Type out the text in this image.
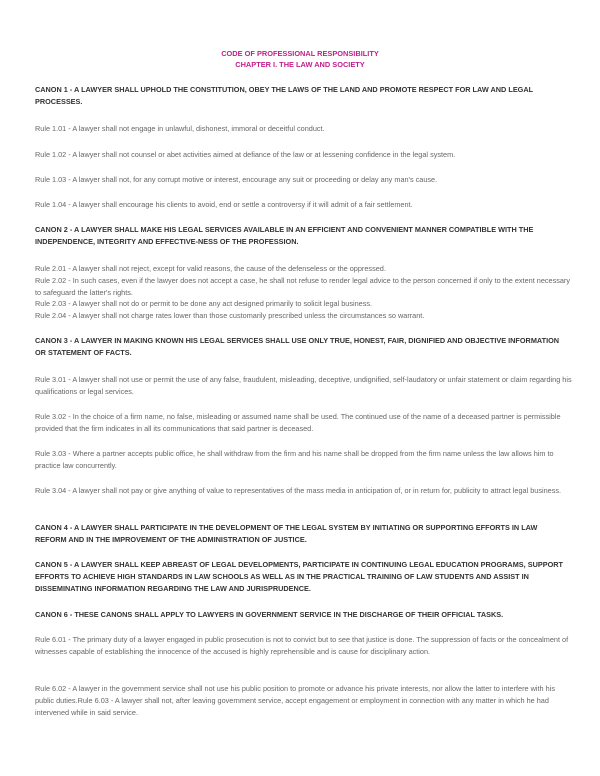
CODE OF PROFESSIONAL RESPONSIBILITY
CHAPTER I. THE LAW AND SOCIETY
CANON 1 - A LAWYER SHALL UPHOLD THE CONSTITUTION, OBEY THE LAWS OF THE LAND AND PROMOTE RESPECT FOR LAW AND LEGAL PROCESSES.
Rule 1.01 - A lawyer shall not engage in unlawful, dishonest, immoral or deceitful conduct.
Rule 1.02 - A lawyer shall not counsel or abet activities aimed at defiance of the law or at lessening confidence in the legal system.
Rule 1.03 - A lawyer shall not, for any corrupt motive or interest, encourage any suit or proceeding or delay any man's cause.
Rule 1.04 - A lawyer shall encourage his clients to avoid, end or settle a controversy if it will admit of a fair settlement.
CANON 2 - A LAWYER SHALL MAKE HIS LEGAL SERVICES AVAILABLE IN AN EFFICIENT AND CONVENIENT MANNER COMPATIBLE WITH THE INDEPENDENCE, INTEGRITY AND EFFECTIVE-NESS OF THE PROFESSION.
Rule 2.01 - A lawyer shall not reject, except for valid reasons, the cause of the defenseless or the oppressed.
Rule 2.02 - In such cases, even if the lawyer does not accept a case, he shall not refuse to render legal advice to the person concerned if only to the extent necessary to safeguard the latter's rights.
Rule 2.03 - A lawyer shall not do or permit to be done any act designed primarily to solicit legal business.
Rule 2.04 - A lawyer shall not charge rates lower than those customarily prescribed unless the circumstances so warrant.
CANON 3 - A LAWYER IN MAKING KNOWN HIS LEGAL SERVICES SHALL USE ONLY TRUE, HONEST, FAIR, DIGNIFIED AND OBJECTIVE INFORMATION OR STATEMENT OF FACTS.
Rule 3.01 - A lawyer shall not use or permit the use of any false, fraudulent, misleading, deceptive, undignified, self-laudatory or unfair statement or claim regarding his qualifications or legal services.
Rule 3.02 - In the choice of a firm name, no false, misleading or assumed name shall be used. The continued use of the name of a deceased partner is permissible provided that the firm indicates in all its communications that said partner is deceased.
Rule 3.03 - Where a partner accepts public office, he shall withdraw from the firm and his name shall be dropped from the firm name unless the law allows him to practice law concurrently.
Rule 3.04 - A lawyer shall not pay or give anything of value to representatives of the mass media in anticipation of, or in return for, publicity to attract legal business.
CANON 4 - A LAWYER SHALL PARTICIPATE IN THE DEVELOPMENT OF THE LEGAL SYSTEM BY INITIATING OR SUPPORTING EFFORTS IN LAW REFORM AND IN THE IMPROVEMENT OF THE ADMINISTRATION OF JUSTICE.
CANON 5 - A LAWYER SHALL KEEP ABREAST OF LEGAL DEVELOPMENTS, PARTICIPATE IN CONTINUING LEGAL EDUCATION PROGRAMS, SUPPORT EFFORTS TO ACHIEVE HIGH STANDARDS IN LAW SCHOOLS AS WELL AS IN THE PRACTICAL TRAINING OF LAW STUDENTS AND ASSIST IN DISSEMINATING INFORMATION REGARDING THE LAW AND JURISPRUDENCE.
CANON 6 - THESE CANONS SHALL APPLY TO LAWYERS IN GOVERNMENT SERVICE IN THE DISCHARGE OF THEIR OFFICIAL TASKS.
Rule 6.01 - The primary duty of a lawyer engaged in public prosecution is not to convict but to see that justice is done. The suppression of facts or the concealment of witnesses capable of establishing the innocence of the accused is highly reprehensible and is cause for disciplinary action.
Rule 6.02 - A lawyer in the government service shall not use his public position to promote or advance his private interests, nor allow the latter to interfere with his public duties.Rule 6.03 - A lawyer shall not, after leaving government service, accept engagement or employment in connection with any matter in which he had intervened while in said service.
